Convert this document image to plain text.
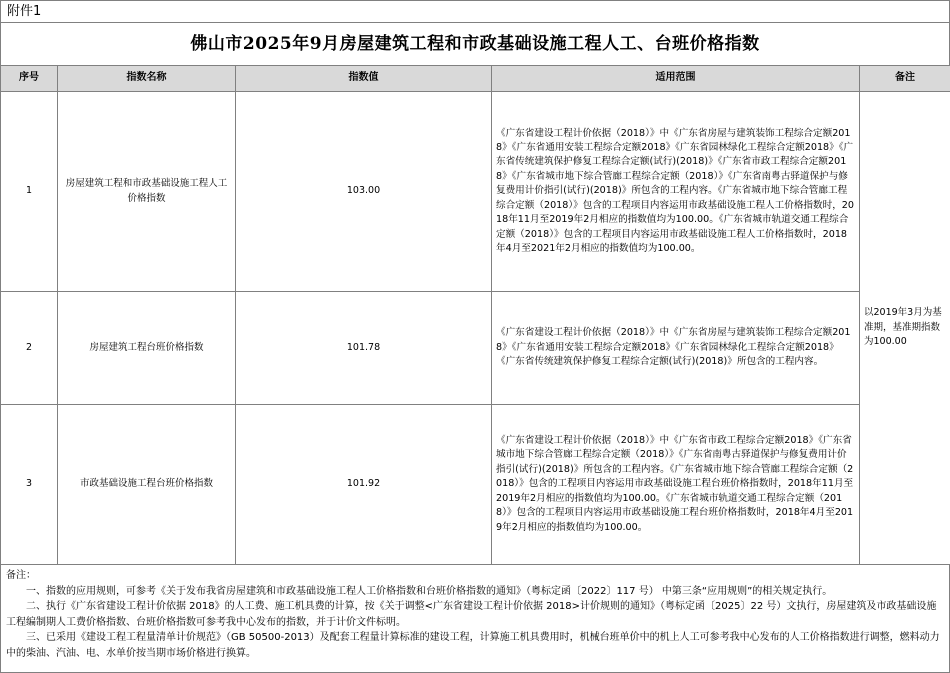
附件1
佛山市2025年9月房屋建筑工程和市政基础设施工程人工、台班价格指数
序号	指数名称	指数值	适用范围	备注
1	房屋建筑工程和市政基础设施工程人工价格指数	103.00	《广东省建设工程计价依据（2018）》中《广东省房屋与建筑装饰工程综合定额2018》《广东省通用安装工程综合定额2018》《广东省园林绿化工程综合定额2018》《广东省传统建筑保护修复工程综合定额(试行)(2018)》《广东省市政工程综合定额2018》《广东省城市地下综合管廊工程综合定额（2018）》《广东省南粤古驿道保护与修复费用计价指引(试行)(2018)》所包含的工程内容。《广东省城市地下综合管廊工程综合定额（2018）》包含的工程项目内容运用市政基础设施工程人工价格指数时，2018年11月至2019年2月相应的指数值均为100.00。《广东省城市轨道交通工程综合定额（2018）》包含的工程项目内容运用市政基础设施工程人工价格指数时，2018年4月至2021年2月相应的指数值均为100.00。	以2019年3月为基准期，基准期指数为100.00
2	房屋建筑工程台班价格指数	101.78	《广东省建设工程计价依据（2018）》中《广东省房屋与建筑装饰工程综合定额2018》《广东省通用安装工程综合定额2018》《广东省园林绿化工程综合定额2018》 《广东省传统建筑保护修复工程综合定额(试行)(2018)》所包含的工程内容。	
3	市政基础设施工程台班价格指数	101.92	《广东省建设工程计价依据（2018）》中《广东省市政工程综合定额2018》《广东省城市地下综合管廊工程综合定额（2018）》《广东省南粤古驿道保护与修复费用计价指引(试行)(2018)》所包含的工程内容。《广东省城市地下综合管廊工程综合定额（2018）》包含的工程项目内容运用市政基础设施工程台班价格指数时，2018年11月至2019年2月相应的指数值均为100.00。《广东省城市轨道交通工程综合定额（2018）》包含的工程项目内容运用市政基础设施工程台班价格指数时，2018年4月至2019年2月相应的指数值均为100.00。	

备注：

一、指数的应用规则，可参考《关于发布我省房屋建筑和市政基础设施工程人工价格指数和台班价格指数的通知》（粤标定函〔2022〕117 号） 中第三条“应用规则”的相关规定执行。

二、执行《广东省建设工程计价依据 2018》的人工费、施工机具费的计算，按《关于调整<广东省建设工程计价依据 2018>计价规则的通知》（粤标定函〔2025〕22 号）文执行，房屋建筑及市政基础设施工程编制期人工费价格指数、台班价格指数可参考我中心发布的指数，并于计价文件标明。

三、已采用《建设工程工程量清单计价规范》（GB 50500-2013）及配套工程量计算标准的建设工程，计算施工机具费用时，机械台班单价中的机上人工可参考我中心发布的人工价格指数进行调整，燃料动力中的柴油、汽油、电、水单价按当期市场价格进行换算。
